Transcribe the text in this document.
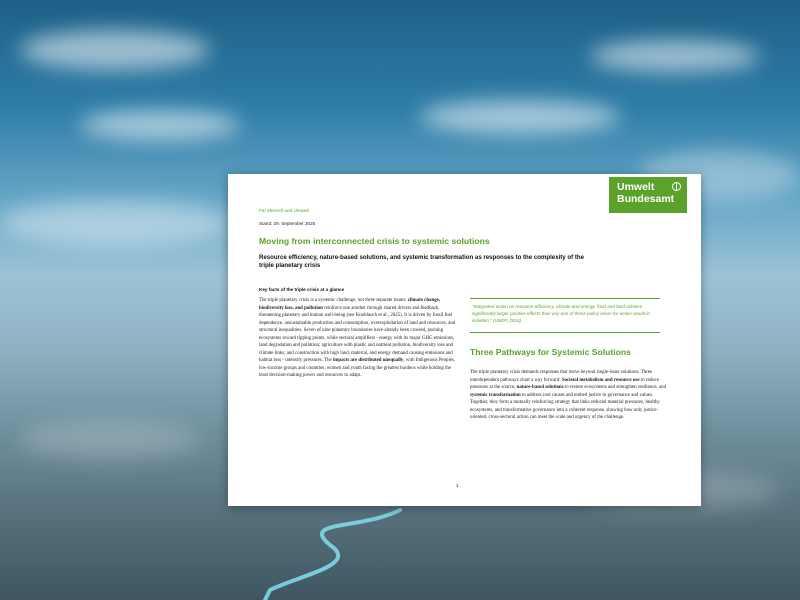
Umwelt
Bundesamt
Für Mensch und Umwelt
Stand: 29. September 2025
Moving from interconnected crisis to systemic solutions
Resource efficiency, nature-based solutions, and systemic transformation as responses to the complexity of the triple planetary crisis
Key facts of the triple crisis at a glance
The triple planetary crisis is a systemic challenge, not three separate issues: climate change, biodiversity loss, and pollution reinforce one another through shared drivers and feedback, threatening planetary and human well-being (see Knoblauch et al., 2025). It is driven by fossil fuel dependence, unsustainable production and consumption, overexploitation of land and resources, and structural inequalities. Seven of nine planetary boundaries have already been crossed, pushing ecosystems toward tipping points, while sectoral amplifiers - energy with its major GHG emissions, land degradation and pollution; agriculture with plastic and nutrient pollution, biodiversity loss and climate links; and construction with high land, material, and energy demand causing emissions and habitat loss - intensify pressures. The impacts are distributed unequally, with Indigenous Peoples, low-income groups and countries, women and youth facing the greatest burdens while holding the least decision-making power and resources to adapt.
"Integrated action on resource efficiency, climate and energy, food and land achieve significantly larger positive effects than any one of these policy areas for action would in isolation." (UNEP, 2024)
Three Pathways for Systemic Solutions
The triple planetary crisis demands responses that move beyond single-issue solutions. Three interdependent pathways chart a way forward: Societal metabolism and resource use to reduce pressures at the source, nature-based solutions to restore ecosystems and strengthen resilience, and systemic transformation to address root causes and embed justice in governance and values. Together, they form a mutually reinforcing strategy that links reduced material pressures, healthy ecosystems, and transformative governance into a coherent response, showing how only justice-oriented, cross-sectoral action can meet the scale and urgency of the challenge.
1
